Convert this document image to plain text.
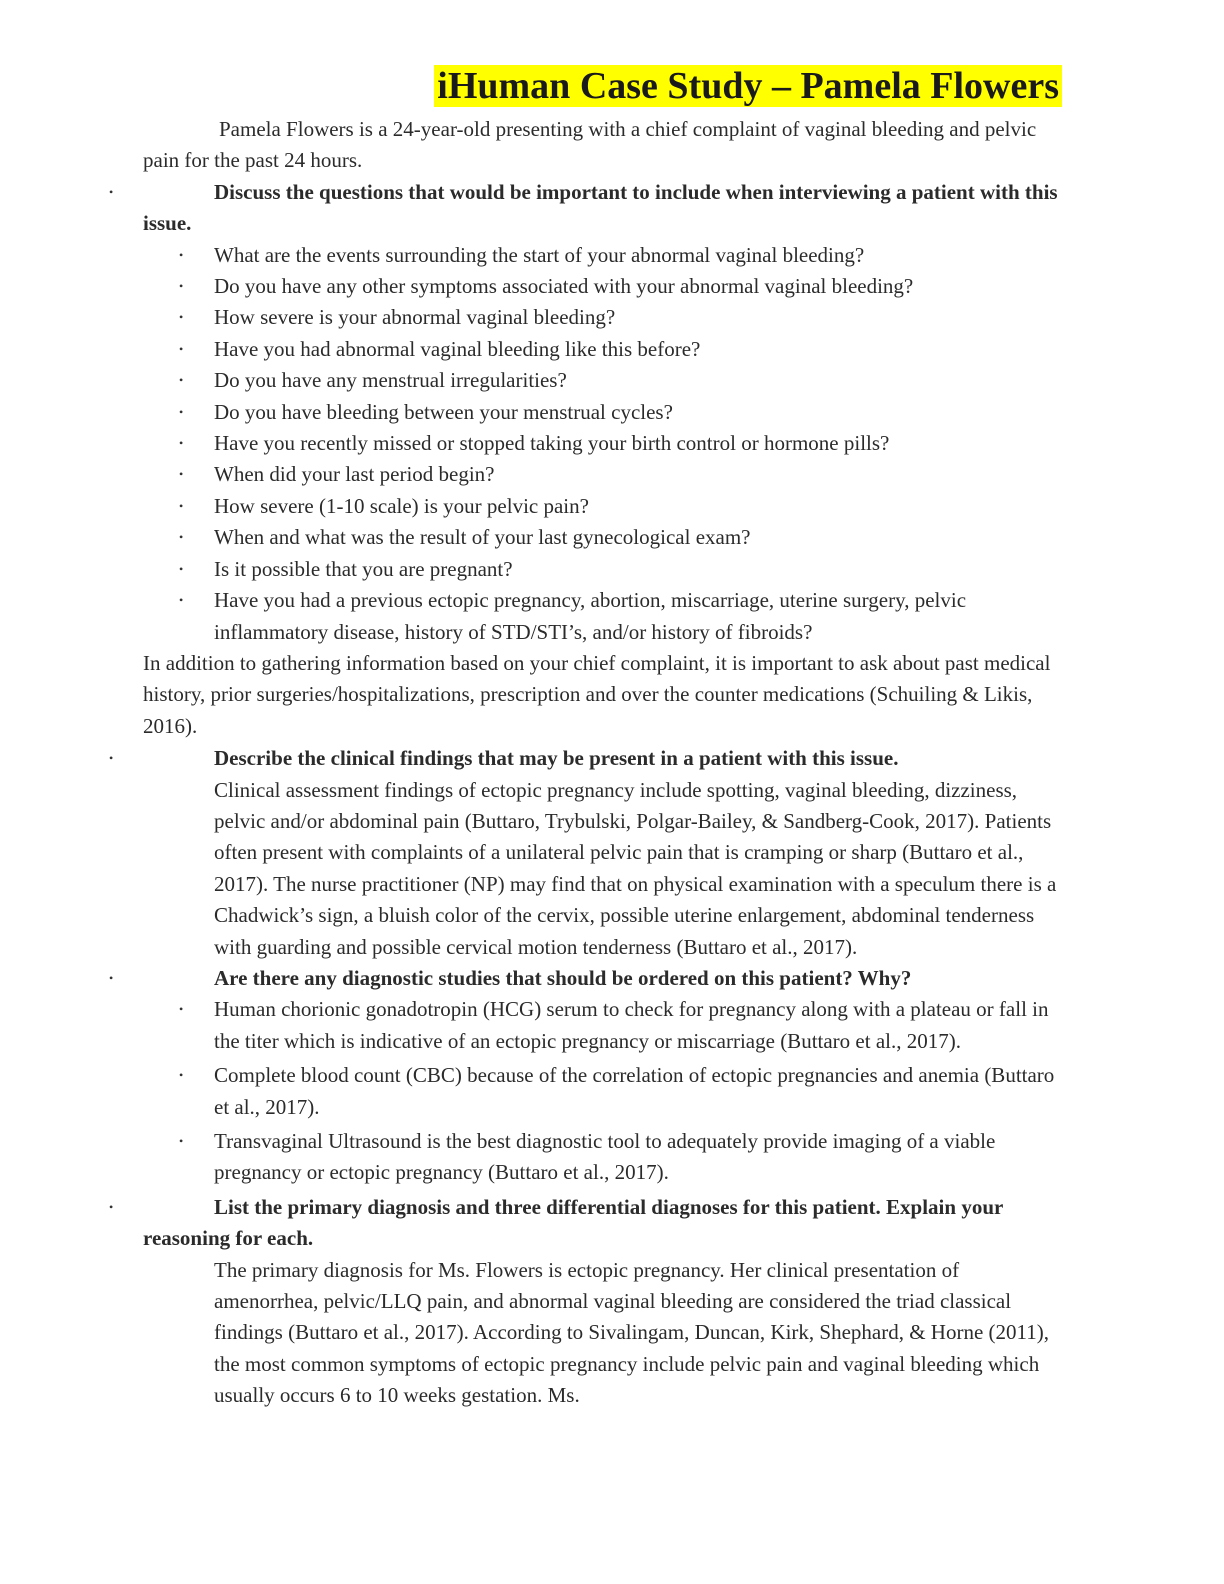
iHuman Case Study – Pamela Flowers

Pamela Flowers is a 24-year-old presenting with a chief complaint of vaginal bleeding and pelvic pain for the past 24 hours.

•	Discuss the questions that would be important to include when interviewing a patient with this issue.

• What are the events surrounding the start of your abnormal vaginal bleeding?
• Do you have any other symptoms associated with your abnormal vaginal bleeding?
• How severe is your abnormal vaginal bleeding?
• Have you had abnormal vaginal bleeding like this before?
• Do you have any menstrual irregularities?
• Do you have bleeding between your menstrual cycles?
• Have you recently missed or stopped taking your birth control or hormone pills?
• When did your last period begin?
• How severe (1-10 scale) is your pelvic pain?
• When and what was the result of your last gynecological exam?
• Is it possible that you are pregnant?
• Have you had a previous ectopic pregnancy, abortion, miscarriage, uterine surgery, pelvic inflammatory disease, history of STD/STI’s, and/or history of fibroids?

In addition to gathering information based on your chief complaint, it is important to ask about past medical history, prior surgeries/hospitalizations, prescription and over the counter medications (Schuiling & Likis, 2016).

•	Describe the clinical findings that may be present in a patient with this issue.

Clinical assessment findings of ectopic pregnancy include spotting, vaginal bleeding, dizziness, pelvic and/or abdominal pain (Buttaro, Trybulski, Polgar-Bailey, & Sandberg-Cook, 2017). Patients often present with complaints of a unilateral pelvic pain that is cramping or sharp (Buttaro et al., 2017). The nurse practitioner (NP) may find that on physical examination with a speculum there is a Chadwick’s sign, a bluish color of the cervix, possible uterine enlargement, abdominal tenderness with guarding and possible cervical motion tenderness (Buttaro et al., 2017).

•	Are there any diagnostic studies that should be ordered on this patient? Why?

• Human chorionic gonadotropin (HCG) serum to check for pregnancy along with a plateau or fall in the titer which is indicative of an ectopic pregnancy or miscarriage (Buttaro et al., 2017).
• Complete blood count (CBC) because of the correlation of ectopic pregnancies and anemia (Buttaro et al., 2017).
• Transvaginal Ultrasound is the best diagnostic tool to adequately provide imaging of a viable pregnancy or ectopic pregnancy (Buttaro et al., 2017).

•	List the primary diagnosis and three differential diagnoses for this patient. Explain your reasoning for each.

The primary diagnosis for Ms. Flowers is ectopic pregnancy. Her clinical presentation of amenorrhea, pelvic/LLQ pain, and abnormal vaginal bleeding are considered the triad classical findings (Buttaro et al., 2017). According to Sivalingam, Duncan, Kirk, Shephard, & Horne (2011), the most common symptoms of ectopic pregnancy include pelvic pain and vaginal bleeding which usually occurs 6 to 10 weeks gestation. Ms.
